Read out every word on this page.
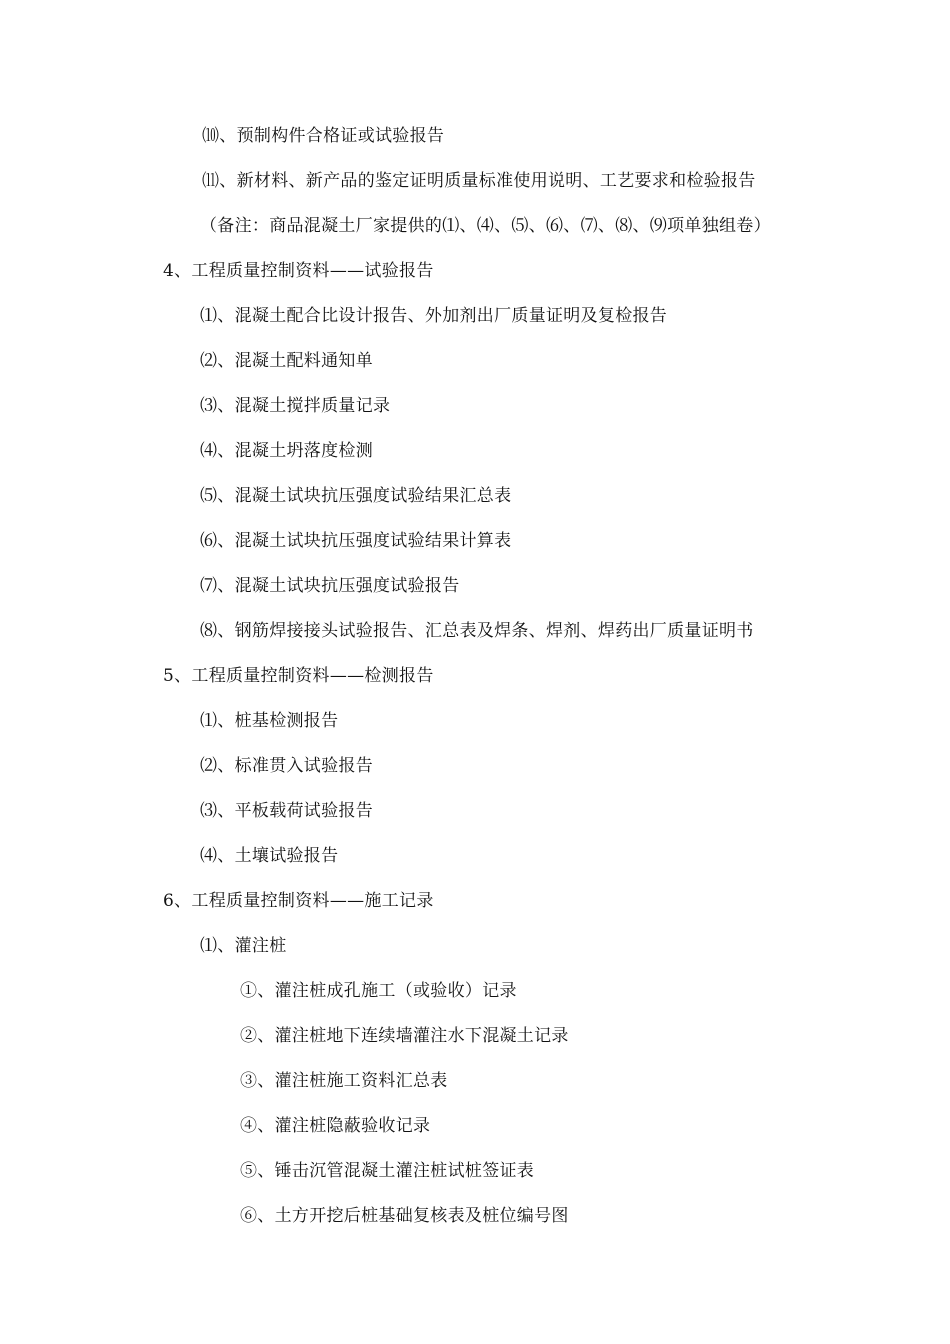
⑽、预制构件合格证或试验报告
⑾、新材料、新产品的鉴定证明质量标准使用说明、工艺要求和检验报告
（备注：商品混凝土厂家提供的⑴、⑷、⑸、⑹、⑺、⑻、⑼项单独组卷）
4、工程质量控制资料——试验报告
⑴、混凝土配合比设计报告、外加剂出厂质量证明及复检报告
⑵、混凝土配料通知单
⑶、混凝土搅拌质量记录
⑷、混凝土坍落度检测
⑸、混凝土试块抗压强度试验结果汇总表
⑹、混凝土试块抗压强度试验结果计算表
⑺、混凝土试块抗压强度试验报告
⑻、钢筋焊接接头试验报告、汇总表及焊条、焊剂、焊药出厂质量证明书
5、工程质量控制资料——检测报告
⑴、桩基检测报告
⑵、标准贯入试验报告
⑶、平板载荷试验报告
⑷、土壤试验报告
6、工程质量控制资料——施工记录
⑴、灌注桩
①、灌注桩成孔施工（或验收）记录
②、灌注桩地下连续墙灌注水下混凝土记录
③、灌注桩施工资料汇总表
④、灌注桩隐蔽验收记录
⑤、锤击沉管混凝土灌注桩试桩签证表
⑥、土方开挖后桩基础复核表及桩位编号图
